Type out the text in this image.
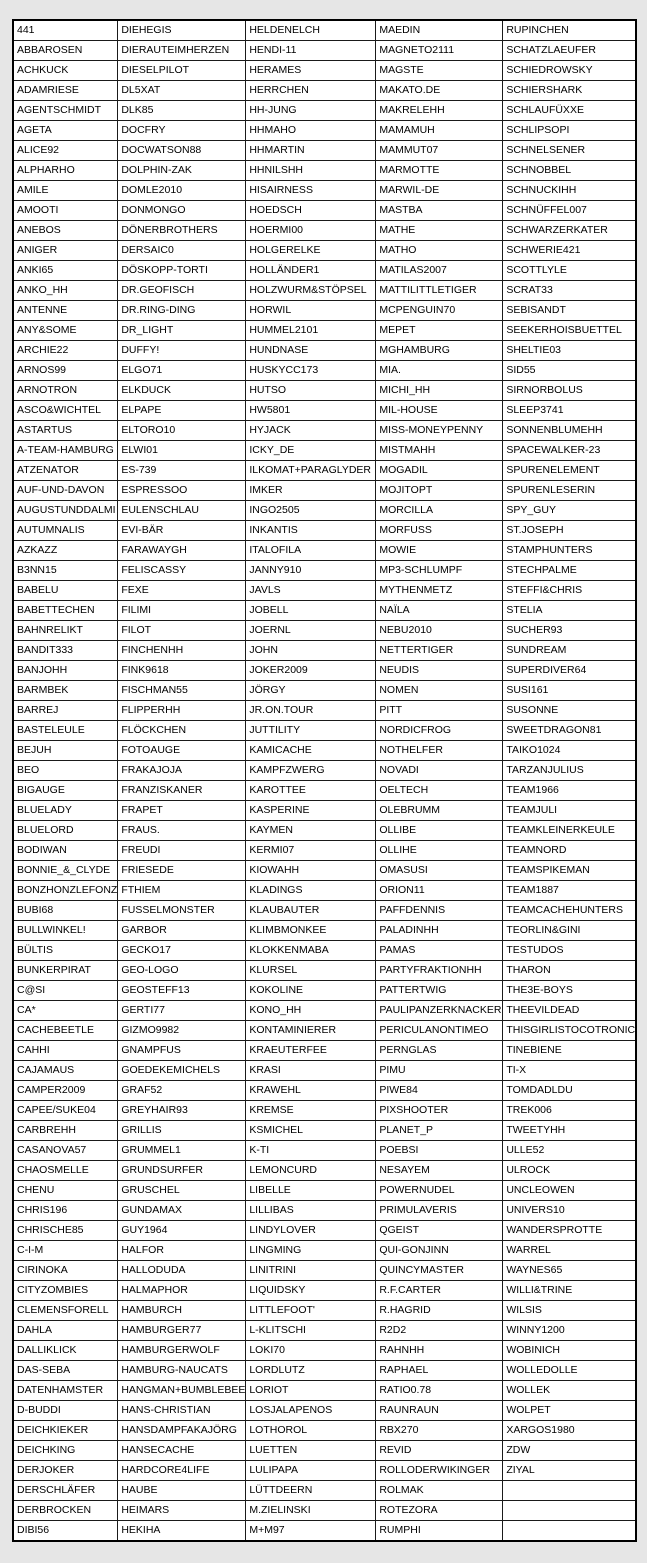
441	DIEHEGIS	HELDENELCH	MAEDIN	RUPINCHEN
ABBAROSEN	DIERAUTEIMHERZEN	HENDI-11	MAGNETO2111	SCHATZLAEUFER
ACHKUCK	DIESELPILOT	HERAMES	MAGSTE	SCHIEDROWSKY
ADAMRIESE	DL5XAT	HERRCHEN	MAKATO.DE	SCHIERSHARK
AGENTSCHMIDT	DLK85	HH-JUNG	MAKRELEHH	SCHLAUFÜXXE
AGETA	DOCFRY	HHMAHO	MAMAMUH	SCHLIPSOPI
ALICE92	DOCWATSON88	HHMARTIN	MAMMUT07	SCHNELSENER
ALPHARHO	DOLPHIN-ZAK	HHNILSHH	MARMOTTE	SCHNOBBEL
AMILE	DOMLE2010	HISAIRNESS	MARWIL-DE	SCHNUCKIHH
AMOOTI	DONMONGO	HOEDSCH	MASTBA	SCHNÜFFEL007
ANEBOS	DÖNERBROTHERS	HOERMI00	MATHE	SCHWARZERKATER
ANIGER	DERSAIC0	HOLGERELKE	MATHO	SCHWERIE421
ANKI65	DÖSKOPP-TORTI	HOLLÄNDER1	MATILAS2007	SCOTTLYLE
ANKO_HH	DR.GEOFISCH	HOLZWURM&STÖPSEL	MATTILITTLETIGER	SCRAT33
ANTENNE	DR.RING-DING	HORWIL	MCPENGUIN70	SEBISANDT
ANY&SOME	DR_LIGHT	HUMMEL2101	MEPET	SEEKERHOISBUETTEL
ARCHIE22	DUFFY!	HUNDNASE	MGHAMBURG	SHELTIE03
ARNOS99	ELGO71	HUSKYCC173	MIA.	SID55
ARNOTRON	ELKDUCK	HUTSO	MICHI_HH	SIRNORBOLUS
ASCO&WICHTEL	ELPAPE	HW5801	MIL-HOUSE	SLEEP3741
ASTARTUS	ELTORO10	HYJACK	MISS-MONEYPENNY	SONNENBLUMEHH
A-TEAM-HAMBURG	ELWI01	ICKY_DE	MISTMAHH	SPACEWALKER-23
ATZENATOR	ES-739	ILKOMAT+PARAGLYDER	MOGADIL	SPURENELEMENT
AUF-UND-DAVON	ESPRESSOO	IMKER	MOJITOPT	SPURENLESERIN
AUGUSTUNDDALMI	EULENSCHLAU	INGO2505	MORCILLA	SPY_GUY
AUTUMNALIS	EVI-BÄR	INKANTIS	MORFUSS	ST.JOSEPH
AZKAZZ	FARAWAYGH	ITALOFILA	MOWIE	STAMPHUNTERS
B3NN15	FELISCASSY	JANNY910	MP3-SCHLUMPF	STECHPALME
BABELU	FEXE	JAVLS	MYTHENMETZ	STEFFI&CHRIS
BABETTECHEN	FILIMI	JOBELL	NAÏLA	STELIA
BAHNRELIKT	FILOT	JOERNL	NEBU2010	SUCHER93
BANDIT333	FINCHENHH	JOHN	NETTERTIGER	SUNDREAM
BANJOHH	FINK9618	JOKER2009	NEUDIS	SUPERDIVER64
BARMBEK	FISCHMAN55	JÖRGY	NOMEN	SUSI161
BARREJ	FLIPPERHH	JR.ON.TOUR	PITT	SUSONNE
BASTELEULE	FLÖCKCHEN	JUTTILITY	NORDICFROG	SWEETDRAGON81
BEJUH	FOTOAUGE	KAMICACHE	NOTHELFER	TAIKO1024
BEO	FRAKAJOJA	KAMPFZWERG	NOVADI	TARZANJULIUS
BIGAUGE	FRANZISKANER	KAROTTEE	OELTECH	TEAM1966
BLUELADY	FRAPET	KASPERINE	OLEBRUMM	TEAMJULI
BLUELORD	FRAUS.	KAYMEN	OLLIBE	TEAMKLEINERKEULE
BODIWAN	FREUDI	KERMI07	OLLIHE	TEAMNORD
BONNIE_&_CLYDE	FRIESEDE	KIOWAHH	OMASUSI	TEAMSPIKEMAN
BONZHONZLEFONZ	FTHIEM	KLADINGS	ORION11	TEAM1887
BUBI68	FUSSELMONSTER	KLAUBAUTER	PAFFDENNIS	TEAMCACHEHUNTERS
BULLWINKEL!	GARBOR	KLIMBMONKEE	PALADINHH	TEORLIN&GINI
BÜLTIS	GECKO17	KLOKKENMABA	PAMAS	TESTUDOS
BUNKERPIRAT	GEO-LOGO	KLURSEL	PARTYFRAKTIONHH	THARON
C@SI	GEOSTEFF13	KOKOLINE	PATTERTWIG	THE3E-BOYS
CA*	GERTI77	KONO_HH	PAULIPANZERKNACKER	THEEVILDEAD
CACHEBEETLE	GIZMO9982	KONTAMINIERER	PERICULANONTIMEO	THISGIRLISTOCOTRONIC
CAHHI	GNAMPFUS	KRAEUTERFEE	PERNGLAS	TINEBIENE
CAJAMAUS	GOEDEKEMICHELS	KRASI	PIMU	TI-X
CAMPER2009	GRAF52	KRAWEHL	PIWE84	TOMDADLDU
CAPEE/SUKE04	GREYHAIR93	KREMSE	PIXSHOOTER	TREK006
CARBREHH	GRILLIS	KSMICHEL	PLANET_P	TWEETYHH
CASANOVA57	GRUMMEL1	K-TI	POEBSI	ULLE52
CHAOSMELLE	GRUNDSURFER	LEMONCURD	NESAYEM	ULROCK
CHENU	GRUSCHEL	LIBELLE	POWERNUDEL	UNCLEOWEN
CHRIS196	GUNDAMAX	LILLIBAS	PRIMULAVERIS	UNIVERS10
CHRISCHE85	GUY1964	LINDYLOVER	QGEIST	WANDERSPROTTE
C-I-M	HALFOR	LINGMING	QUI-GONJINN	WARREL
CIRINOKA	HALLODUDA	LINITRINI	QUINCYMASTER	WAYNES65
CITYZOMBIES	HALMAPHOR	LIQUIDSKY	R.F.CARTER	WILLI&TRINE
CLEMENSFORELL	HAMBURCH	LITTLEFOOT'	R.HAGRID	WILSIS
DAHLA	HAMBURGER77	L-KLITSCHI	R2D2	WINNY1200
DALLIKLICK	HAMBURGERWOLF	LOKI70	RAHNHH	WOBINICH
DAS-SEBA	HAMBURG-NAUCATS	LORDLUTZ	RAPHAEL	WOLLEDOLLE
DATENHAMSTER	HANGMAN+BUMBLEBEE	LORIOT	RATIO0.78	WOLLEK
D-BUDDI	HANS-CHRISTIAN	LOSJALAPENOS	RAUNRAUN	WOLPET
DEICHKIEKER	HANSDAMPFAKAJÖRG	LOTHOROL	RBX270	XARGOS1980
DEICHKING	HANSECACHE	LUETTEN	REVID	ZDW
DERJOKER	HARDCORE4LIFE	LULIPAPA	ROLLODERWIKINGER	ZIYAL
DERSCHLÄFER	HAUBE	LÜTTDEERN	ROLMAK	
DERBROCKEN	HEIMARS	M.ZIELINSKI	ROTEZORA	
DIBI56	HEKIHA	M+M97	RUMPHI	
